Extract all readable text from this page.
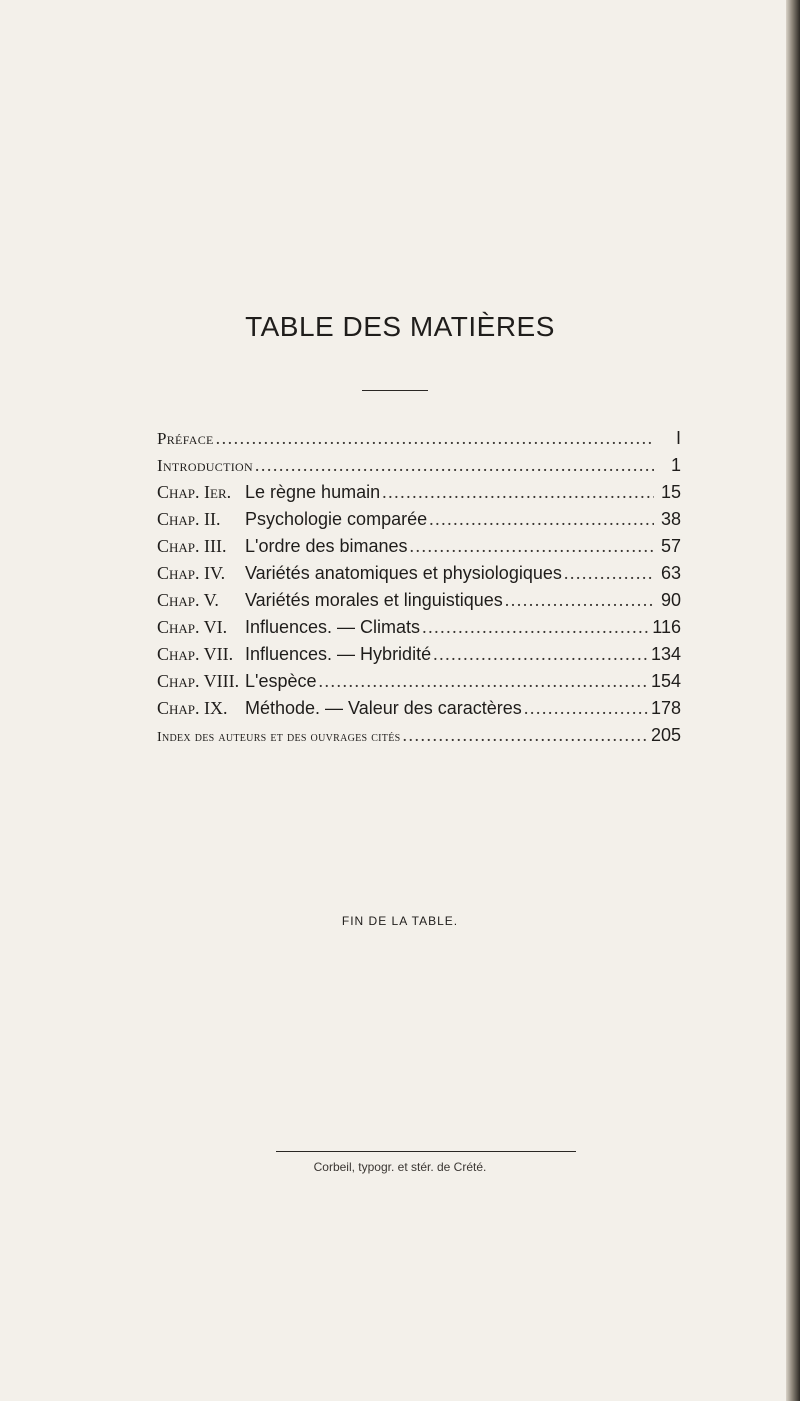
TABLE DES MATIÈRES
Préface . . .	I
Introduction . . .	1
Chap. Ier. Le règne humain . . .	15
Chap. II.	Psychologie comparée . . .	38
Chap. III.	L'ordre des bimanes . . .	57
Chap. IV.	Variétés anatomiques et physiologiques . . .	63
Chap. V.	Variétés morales et linguistiques . . .	90
Chap. VI. Influences. — Climats . . .	116
Chap. VII. Influences. — Hybridité . . .	134
Chap. VIII. L'espèce . . .	154
Chap. IX. Méthode. — Valeur des caractères . . .	178
Index des auteurs et des ouvrages cités . . .	205
FIN DE LA TABLE.
Corbeil, typogr. et stér. de Crété.
